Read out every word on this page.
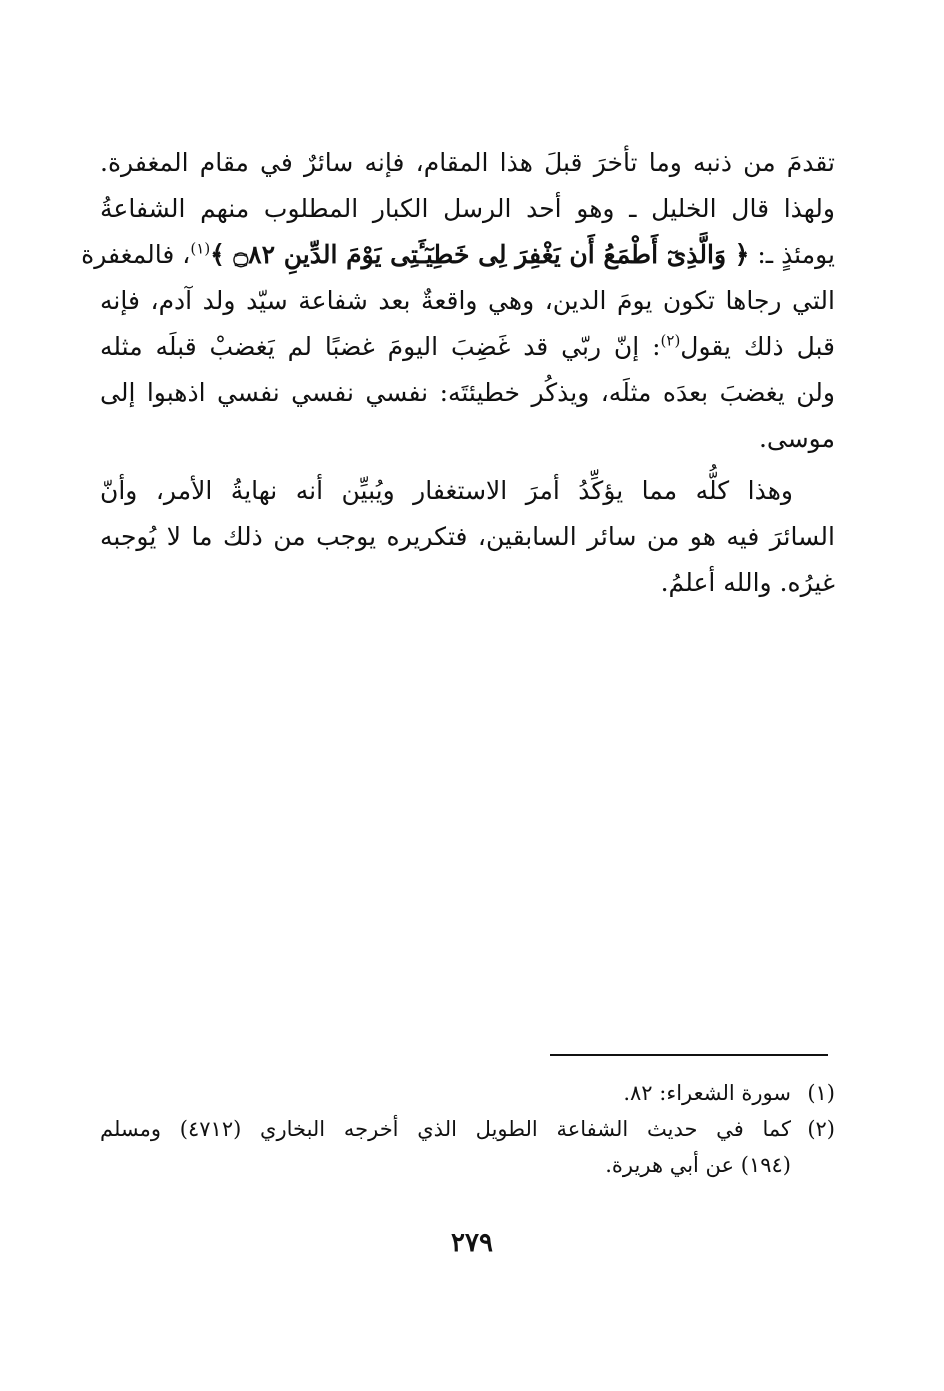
تقدمَ من ذنبه وما تأخرَ قبلَ هذا المقام، فإنه سائرٌ في مقام المغفرة.
ولهذا قال الخليل ـ وهو أحد الرسل الكبار المطلوب منهم الشفاعةُ
يومئذٍ ـ: ﴿ وَالَّذِىٓ أَطْمَعُ أَن يَغْفِرَ لِى خَطِيٓـَٔتِى يَوْمَ الدِّينِ ۝٨٢ ﴾$^{(١)}$، فالمغفرة
التي رجاها تكون يومَ الدين، وهي واقعةٌ بعد شفاعة سيّد ولد آدم، فإنه
قبل ذلك يقول$^{(٢)}$: إنّ ربّي قد غَضِبَ اليومَ غضبًا لم يَغضبْ قبلَه مثله
ولن يغضبَ بعدَه مثلَه، ويذكُر خطيئتَه: نفسي نفسي نفسي اذهبوا إلى
موسى.

وهذا كلُّه مما يؤكِّدُ أمرَ الاستغفار ويُبيِّن أنه نهايةُ الأمر، وأنّ
السائرَ فيه هو من سائر السابقين، فتكريره يوجب من ذلك ما لا يُوجبه
غيرُه. والله أعلمُ.

(١)
سورة الشعراء: ٨٢.
(٢)
كما في حديث الشفاعة الطويل الذي أخرجه البخاري (٤٧١٢) ومسلم
(١٩٤) عن أبي هريرة.
٢٧٩
